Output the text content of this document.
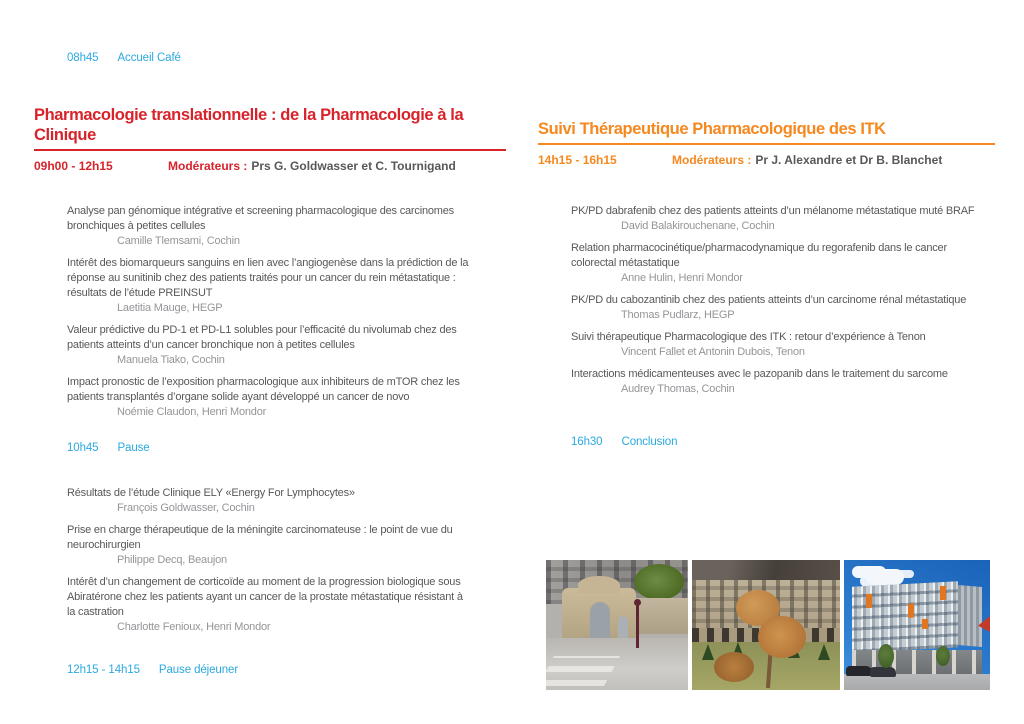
08h45 Accueil Café
Pharmacologie translationnelle : de la Pharmacologie à la Clinique
09h00 - 12h15	Modérateurs : Prs G. Goldwasser et C. Tournigand
Analyse pan génomique intégrative et screening pharmacologique des carcinomes bronchiques à petites cellules
Camille Tlemsami, Cochin
Intérêt des biomarqueurs sanguins en lien avec l’angiogenèse dans la prédiction de la réponse au sunitinib chez des patients traités pour un cancer du rein métastatique : résultats de l’étude PREINSUT
Laetitia Mauge, HEGP
Valeur prédictive du PD-1 et PD-L1 solubles pour l’efficacité du nivolumab chez des patients atteints d’un cancer bronchique non à petites cellules
Manuela Tiako, Cochin
Impact pronostic de l’exposition pharmacologique aux inhibiteurs de mTOR chez les patients transplantés d’organe solide ayant développé un cancer de novo
Noémie Claudon, Henri Mondor
10h45 Pause
Résultats de l’étude Clinique ELY «Energy For Lymphocytes»
François Goldwasser, Cochin
Prise en charge thérapeutique de la méningite carcinomateuse : le point de vue du neurochirurgien
Philippe Decq, Beaujon
Intérêt d’un changement de corticoïde au moment de la progression biologique sous Abiratérone chez les patients ayant un cancer de la prostate métastatique résistant à la castration
Charlotte Fenioux, Henri Mondor
12h15 - 14h15 Pause déjeuner
Suivi Thérapeutique Pharmacologique des ITK
14h15 - 16h15	Modérateurs : Pr J. Alexandre et Dr B. Blanchet
PK/PD dabrafenib chez des patients atteints d’un mélanome métastatique muté BRAF
David Balakirouchenane, Cochin
Relation pharmacocinétique/pharmacodynamique du regorafenib dans le cancer colorectal métastatique
Anne Hulin, Henri Mondor
PK/PD du cabozantinib chez des patients atteints d’un carcinome rénal métastatique
Thomas Pudlarz, HEGP
Suivi thérapeutique Pharmacologique des ITK : retour d’expérience à Tenon
Vincent Fallet et Antonin Dubois, Tenon
Interactions médicamenteuses avec le pazopanib dans le traitement du sarcome
Audrey Thomas, Cochin
16h30 Conclusion
